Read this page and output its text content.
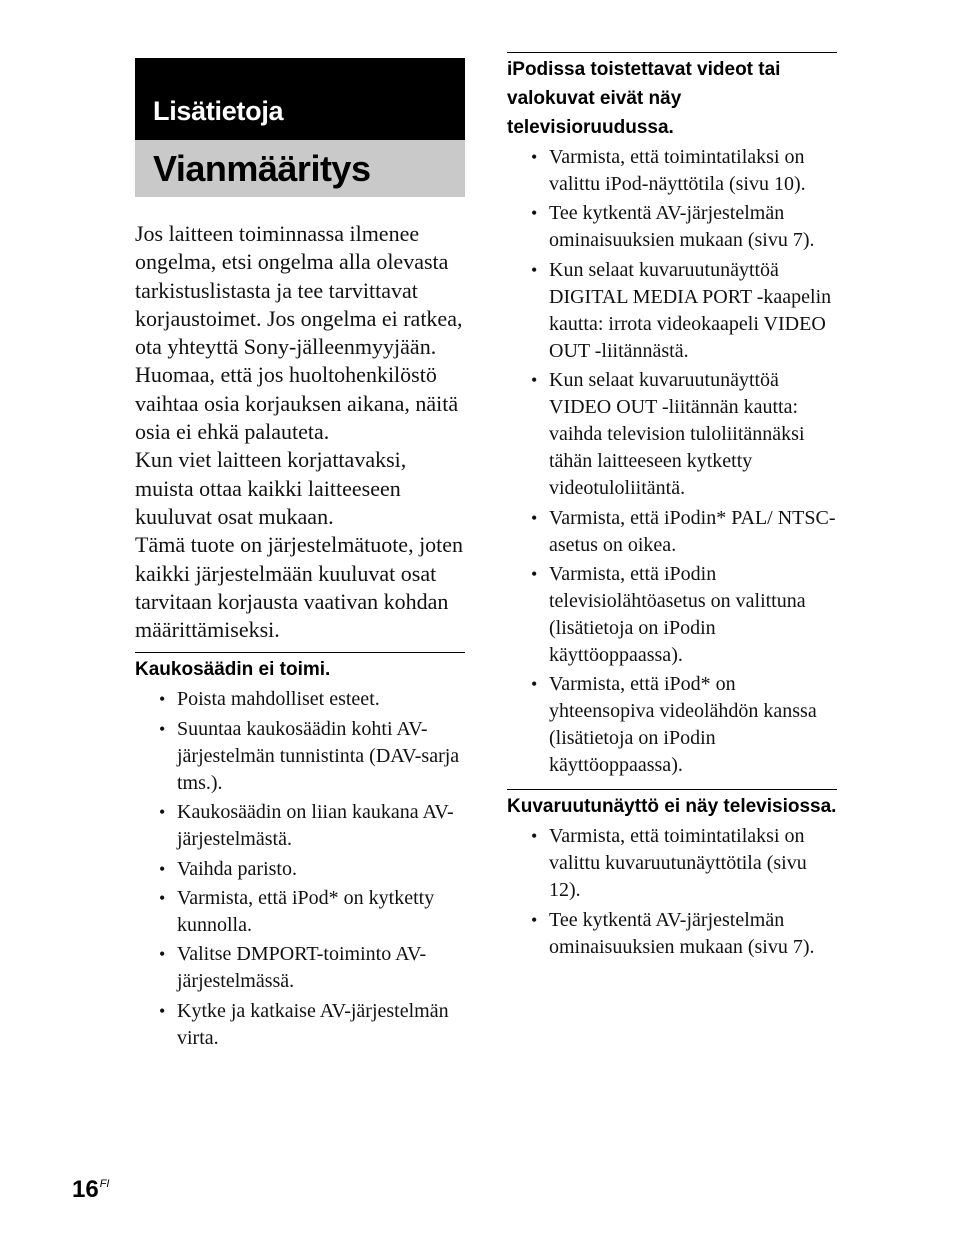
Lisätietoja
Vianmääritys

Jos laitteen toiminnassa ilmenee ongelma, etsi ongelma alla olevasta tarkistuslistasta ja tee tarvittavat korjaustoimet. Jos ongelma ei ratkea, ota yhteyttä Sony-jälleenmyyjään.

Huomaa, että jos huoltohenkilöstö vaihtaa osia korjauksen aikana, näitä osia ei ehkä palauteta.

Kun viet laitteen korjattavaksi, muista ottaa kaikki laitteeseen kuuluvat osat mukaan.

Tämä tuote on järjestelmätuote, joten kaikki järjestelmään kuuluvat osat tarvitaan korjausta vaativan kohdan määrittämiseksi.

Kaukosäädin ei toimi.
• Poista mahdolliset esteet.
• Suuntaa kaukosäädin kohti AV-järjestelmän tunnistinta (DAV-sarja tms.).
• Kaukosäädin on liian kaukana AV-järjestelmästä.
• Vaihda paristo.
• Varmista, että iPod* on kytketty kunnolla.
• Valitse DMPORT-toiminto AV-järjestelmässä.
• Kytke ja katkaise AV-järjestelmän virta.
iPodissa toistettavat videot tai valokuvat eivät näy televisioruudussa.
• Varmista, että toimintatilaksi on valittu iPod-näyttötila (sivu 10).
• Tee kytkentä AV-järjestelmän ominaisuuksien mukaan (sivu 7).
• Kun selaat kuvaruutunäyttöä DIGITAL MEDIA PORT -kaapelin kautta: irrota videokaapeli VIDEO OUT -liitännästä.
• Kun selaat kuvaruutunäyttöä VIDEO OUT -liitännän kautta: vaihda television tuloliitännäksi tähän laitteeseen kytketty videotuloliitäntä.
• Varmista, että iPodin* PAL/ NTSC-asetus on oikea.
• Varmista, että iPodin televisiolähtöasetus on valittuna (lisätietoja on iPodin käyttöoppaassa).
• Varmista, että iPod* on yhteensopiva videolähdön kanssa (lisätietoja on iPodin käyttöoppaassa).
Kuvaruutunäyttö ei näy televisiossa.
• Varmista, että toimintatilaksi on valittu kuvaruutunäyttötila (sivu 12).
• Tee kytkentä AV-järjestelmän ominaisuuksien mukaan (sivu 7).
$16^{FI}$
